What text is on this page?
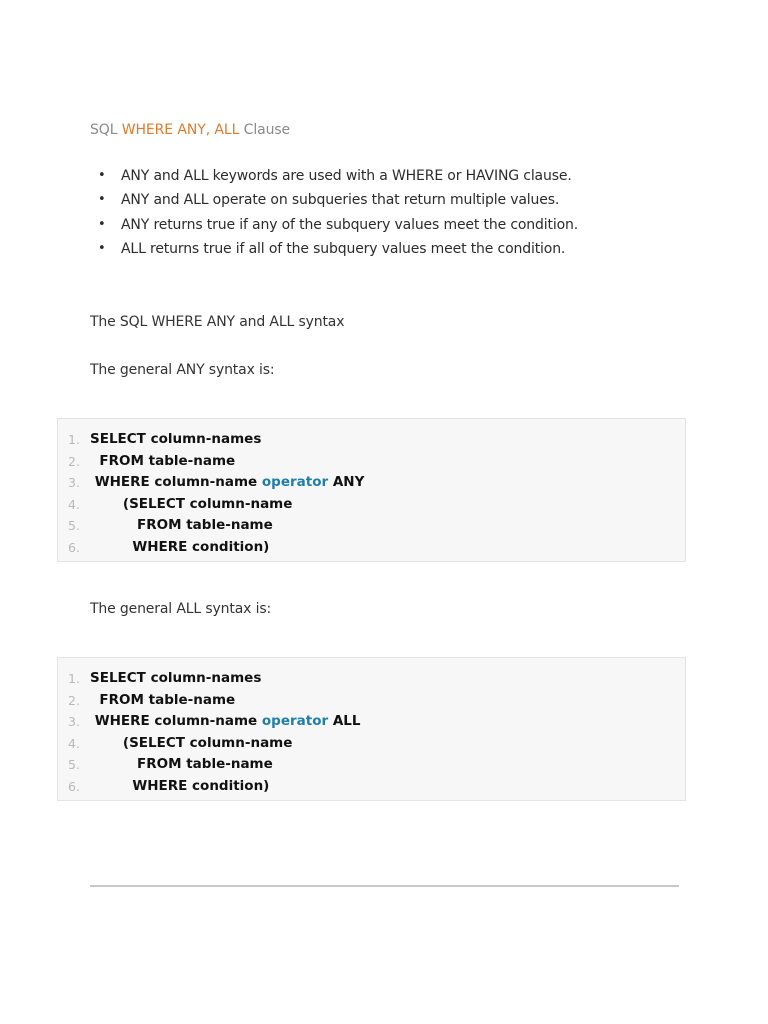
SQL WHERE ANY, ALL Clause
• ANY and ALL keywords are used with a WHERE or HAVING clause.
• ANY and ALL operate on subqueries that return multiple values.
• ANY returns true if any of the subquery values meet the condition.
• ALL returns true if all of the subquery values meet the condition.
The SQL WHERE ANY and ALL syntax
The general ANY syntax is:
1. SELECT column-names
2.	FROM table-name
3.	WHERE column-name operator ANY
4.	(SELECT column-name
5.	FROM table-name
6.	WHERE condition)
The general ALL syntax is:
1. SELECT column-names
2.	FROM table-name
3.	WHERE column-name operator ALL
4.	(SELECT column-name
5.	FROM table-name
6.	WHERE condition)
